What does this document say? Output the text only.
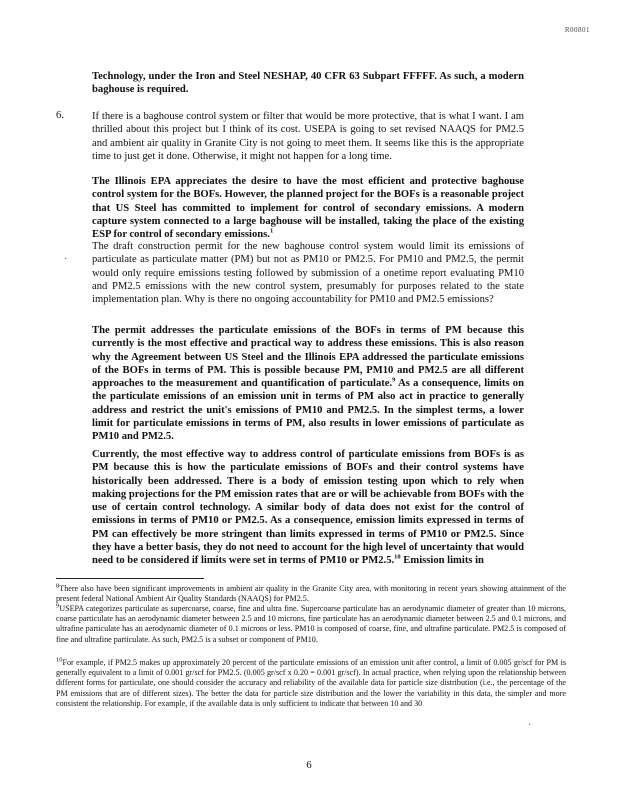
R00801
Technology, under the Iron and Steel NESHAP, 40 CFR 63 Subpart FFFFF. As such, a modern baghouse is required.
6.	If there is a baghouse control system or filter that would be more protective, that is what I want. I am thrilled about this project but I think of its cost. USEPA is going to set revised NAAQS for PM2.5 and ambient air quality in Granite City is not going to meet them. It seems like this is the appropriate time to just get it done. Otherwise, it might not happen for a long time.
The Illinois EPA appreciates the desire to have the most efficient and protective baghouse control system for the BOFs. However, the planned project for the BOFs is a reasonable project that US Steel has committed to implement for control of secondary emissions. A modern capture system connected to a large baghouse will be installed, taking the place of the existing ESP for control of secondary emissions.$^1$
·
The draft construction permit for the new baghouse control system would limit its emissions of particulate as particulate matter (PM) but not as PM10 or PM2.5. For PM10 and PM2.5, the permit would only require emissions testing followed by submission of a onetime report evaluating PM10 and PM2.5 emissions with the new control system, presumably for purposes related to the state implementation plan. Why is there no ongoing accountability for PM10 and PM2.5 emissions?
The permit addresses the particulate emissions of the BOFs in terms of PM because this currently is the most effective and practical way to address these emissions. This is also reason why the Agreement between US Steel and the Illinois EPA addressed the particulate emissions of the BOFs in terms of PM. This is possible because PM, PM10 and PM2.5 are all different approaches to the measurement and quantification of particulate.$^9$ As a consequence, limits on the particulate emissions of an emission unit in terms of PM also act in practice to generally address and restrict the unit's emissions of PM10 and PM2.5. In the simplest terms, a lower limit for particulate emissions in terms of PM, also results in lower emissions of particulate as PM10 and PM2.5.
Currently, the most effective way to address control of particulate emissions from BOFs is as PM because this is how the particulate emissions of BOFs and their control systems have historically been addressed. There is a body of emission testing upon which to rely when making projections for the PM emission rates that are or will be achievable from BOFs with the use of certain control technology. A similar body of data does not exist for the control of emissions in terms of PM10 or PM2.5. As a consequence, emission limits expressed in terms of PM can effectively be more stringent than limits expressed in terms of PM10 or PM2.5. Since they have a better basis, they do not need to account for the high level of uncertainty that would need to be considered if limits were set in terms of PM10 or PM2.5.10 Emission limits in
$^8$There also have been significant improvements in ambient air quality in the Granite City area, with monitoring in recent years showing attainment of the present federal National Ambient Air Quality Standards (NAAQS) for PM2.5.
$^9$USEPA categorizes particulate as supercoarse, coarse, fine and ultra fine. Supercoarse particulate has an aerodynamic diameter of greater than 10 microns, coarse particulate has an aerodynamic diameter between 2.5 and 10 microns, fine particulate has an aerodynamic diameter between 2.5 and 0.1 microns, and ultrafine particulate has an aerodynamic diameter of 0.1 microns or less. PM10 is composed of coarse, fine, and ultrafine particulate. PM2.5 is composed of fine and ultrafine particulate. As such, PM2.5 is a subset or component of PM10.
$^{10}$For example, if PM2.5 makes up approximately 20 percent of the particulate emissions of an emission unit after control, a limit of 0.005 gr/scf for PM is generally equivalent to a limit of 0.001 gr/scf for PM2.5. (0.005 gr/scf x 0.20 = 0.001 gr/scf). In actual practice, when relying upon the relationship between different forms for particulate, one should consider the accuracy and reliability of the available data for particle size distribution (i.e., the percentage of the PM emissions that are of different sizes). The better the data for particle size distribution and the lower the variability in this data, the simpler and more consistent the relationship. For example, if the available data is only sufficient to indicate that between 10 and 30
·
6
